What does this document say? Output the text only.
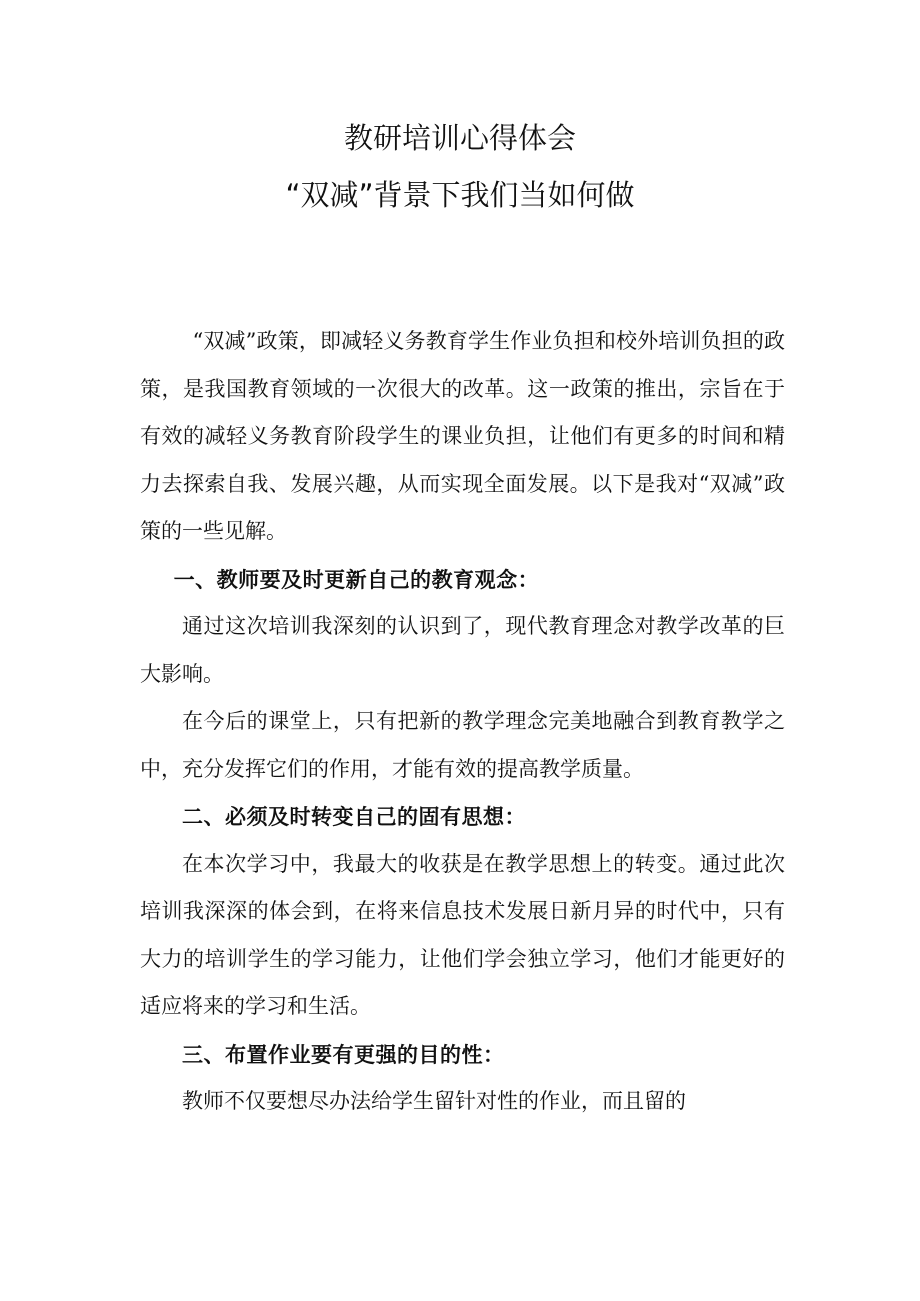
教研培训心得体会
“双减”背景下我们当如何做

“双减”政策，即减轻义务教育学生作业负担和校外培训负担的政策，是我国教育领域的一次很大的改革。这一政策的推出，宗旨在于有效的减轻义务教育阶段学生的课业负担，让他们有更多的时间和精力去探索自我、发展兴趣，从而实现全面发展。以下是我对“双减”政策的一些见解。

一、教师要及时更新自己的教育观念：

通过这次培训我深刻的认识到了，现代教育理念对教学改革的巨大影响。

在今后的课堂上，只有把新的教学理念完美地融合到教育教学之中，充分发挥它们的作用，才能有效的提高教学质量。

二、必须及时转变自己的固有思想：

在本次学习中，我最大的收获是在教学思想上的转变。通过此次培训我深深的体会到，在将来信息技术发展日新月异的时代中，只有大力的培训学生的学习能力，让他们学会独立学习，他们才能更好的适应将来的学习和生活。

三、布置作业要有更强的目的性：

教师不仅要想尽办法给学生留针对性的作业，而且留的
